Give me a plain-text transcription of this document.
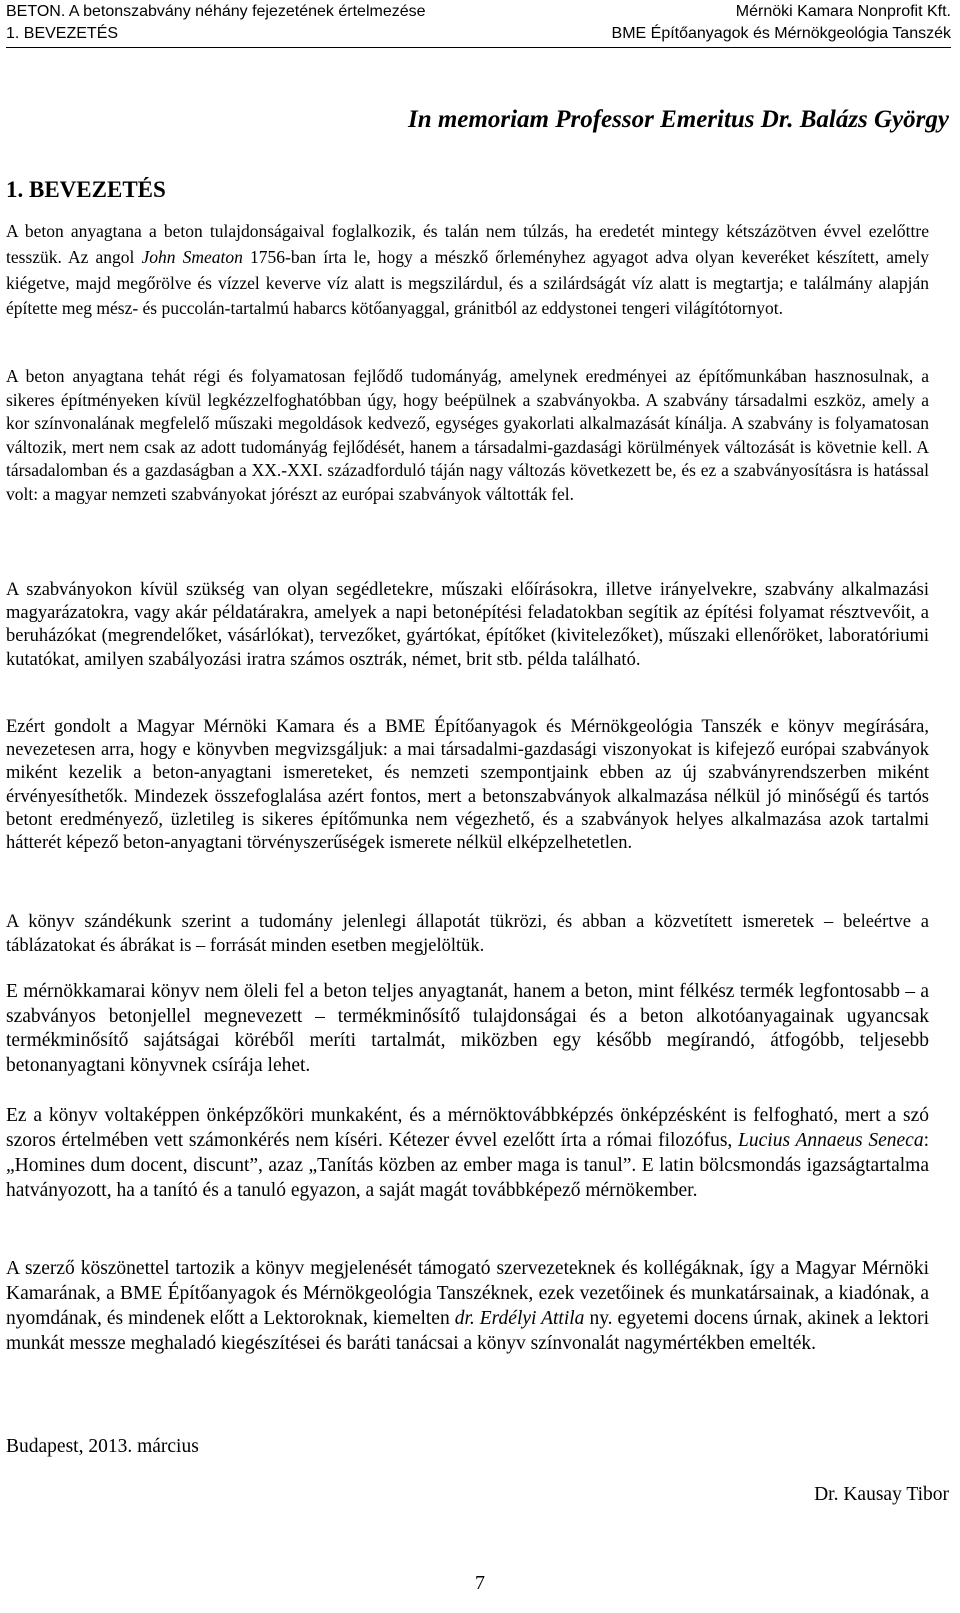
BETON. A betonszabvány néhány fejezetének értelmezése	Mérnöki Kamara Nonprofit Kft.
1. BEVEZETÉS	BME Építőanyagok és Mérnökgeológia Tanszék
In memoriam Professor Emeritus Dr. Balázs György
1. BEVEZETÉS

A beton anyagtana a beton tulajdonságaival foglalkozik, és talán nem túlzás, ha eredetét mintegy kétszázötven évvel ezelőttre tesszük. Az angol John Smeaton 1756-ban írta le, hogy a mészkő őrleményhez agyagot adva olyan keveréket készített, amely kiégetve, majd megőrölve és vízzel keverve víz alatt is megszilárdul, és a szilárdságát víz alatt is megtartja; e találmány alapján építette meg mész- és puccolán-tartalmú habarcs kötőanyaggal, gránitból az eddystonei tengeri világítótornyot.

A beton anyagtana tehát régi és folyamatosan fejlődő tudományág, amelynek eredményei az építőmunkában hasznosulnak, a sikeres építményeken kívül legkézzelfoghatóbban úgy, hogy beépülnek a szabványokba. A szabvány társadalmi eszköz, amely a kor színvonalának megfelelő műszaki megoldások kedvező, egységes gyakorlati alkalmazását kínálja. A szabvány is folyamatosan változik, mert nem csak az adott tudományág fejlődését, hanem a társadalmi-gazdasági körülmények változását is követnie kell. A társadalomban és a gazdaságban a XX.-XXI. századforduló táján nagy változás következett be, és ez a szabványosításra is hatással volt: a magyar nemzeti szabványokat jórészt az európai szabványok váltották fel.

A szabványokon kívül szükség van olyan segédletekre, műszaki előírásokra, illetve irányelvekre, szabvány alkalmazási magyarázatokra, vagy akár példatárakra, amelyek a napi betonépítési feladatokban segítik az építési folyamat résztvevőit, a beruházókat (megrendelőket, vásárlókat), tervezőket, gyártókat, építőket (kivitelezőket), műszaki ellenőröket, laboratóriumi kutatókat, amilyen szabályozási iratra számos osztrák, német, brit stb. példa található.

Ezért gondolt a Magyar Mérnöki Kamara és a BME Építőanyagok és Mérnökgeológia Tanszék e könyv megírására, nevezetesen arra, hogy e könyvben megvizsgáljuk: a mai társadalmi-gazdasági viszonyokat is kifejező európai szabványok miként kezelik a beton-anyagtani ismereteket, és nemzeti szempontjaink ebben az új szabványrendszerben miként érvényesíthetők. Mindezek összefoglalása azért fontos, mert a betonszabványok alkalmazása nélkül jó minőségű és tartós betont eredményező, üzletileg is sikeres építőmunka nem végezhető, és a szabványok helyes alkalmazása azok tartalmi hátterét képező beton-anyagtani törvényszerűségek ismerete nélkül elképzelhetetlen.

A könyv szándékunk szerint a tudomány jelenlegi állapotát tükrözi, és abban a közvetített ismeretek – beleértve a táblázatokat és ábrákat is – forrását minden esetben megjelöltük.

E mérnökkamarai könyv nem öleli fel a beton teljes anyagtanát, hanem a beton, mint félkész termék legfontosabb – a szabványos betonjellel megnevezett – termékminősítő tulajdonságai és a beton alkotóanyagainak ugyancsak termékminősítő sajátságai köréből meríti tartalmát, miközben egy később megírandó, átfogóbb, teljesebb betonanyagtani könyvnek csírája lehet.

Ez a könyv voltaképpen önképzőköri munkaként, és a mérnöktovábbképzés önképzésként is felfogható, mert a szó szoros értelmében vett számonkérés nem kíséri. Kétezer évvel ezelőtt írta a római filozófus, Lucius Annaeus Seneca: „Homines dum docent, discunt”, azaz „Tanítás közben az ember maga is tanul”. E latin bölcsmondás igazságtartalma hatványozott, ha a tanító és a tanuló egyazon, a saját magát továbbképező mérnökember.

A szerző köszönettel tartozik a könyv megjelenését támogató szervezeteknek és kollégáknak, így a Magyar Mérnöki Kamarának, a BME Építőanyagok és Mérnökgeológia Tanszéknek, ezek vezetőinek és munkatársainak, a kiadónak, a nyomdának, és mindenek előtt a Lektoroknak, kiemelten dr. Erdélyi Attila ny. egyetemi docens úrnak, akinek a lektori munkát messze meghaladó kiegészítései és baráti tanácsai a könyv színvonalát nagymértékben emelték.

Budapest, 2013. március
Dr. Kausay Tibor
7
